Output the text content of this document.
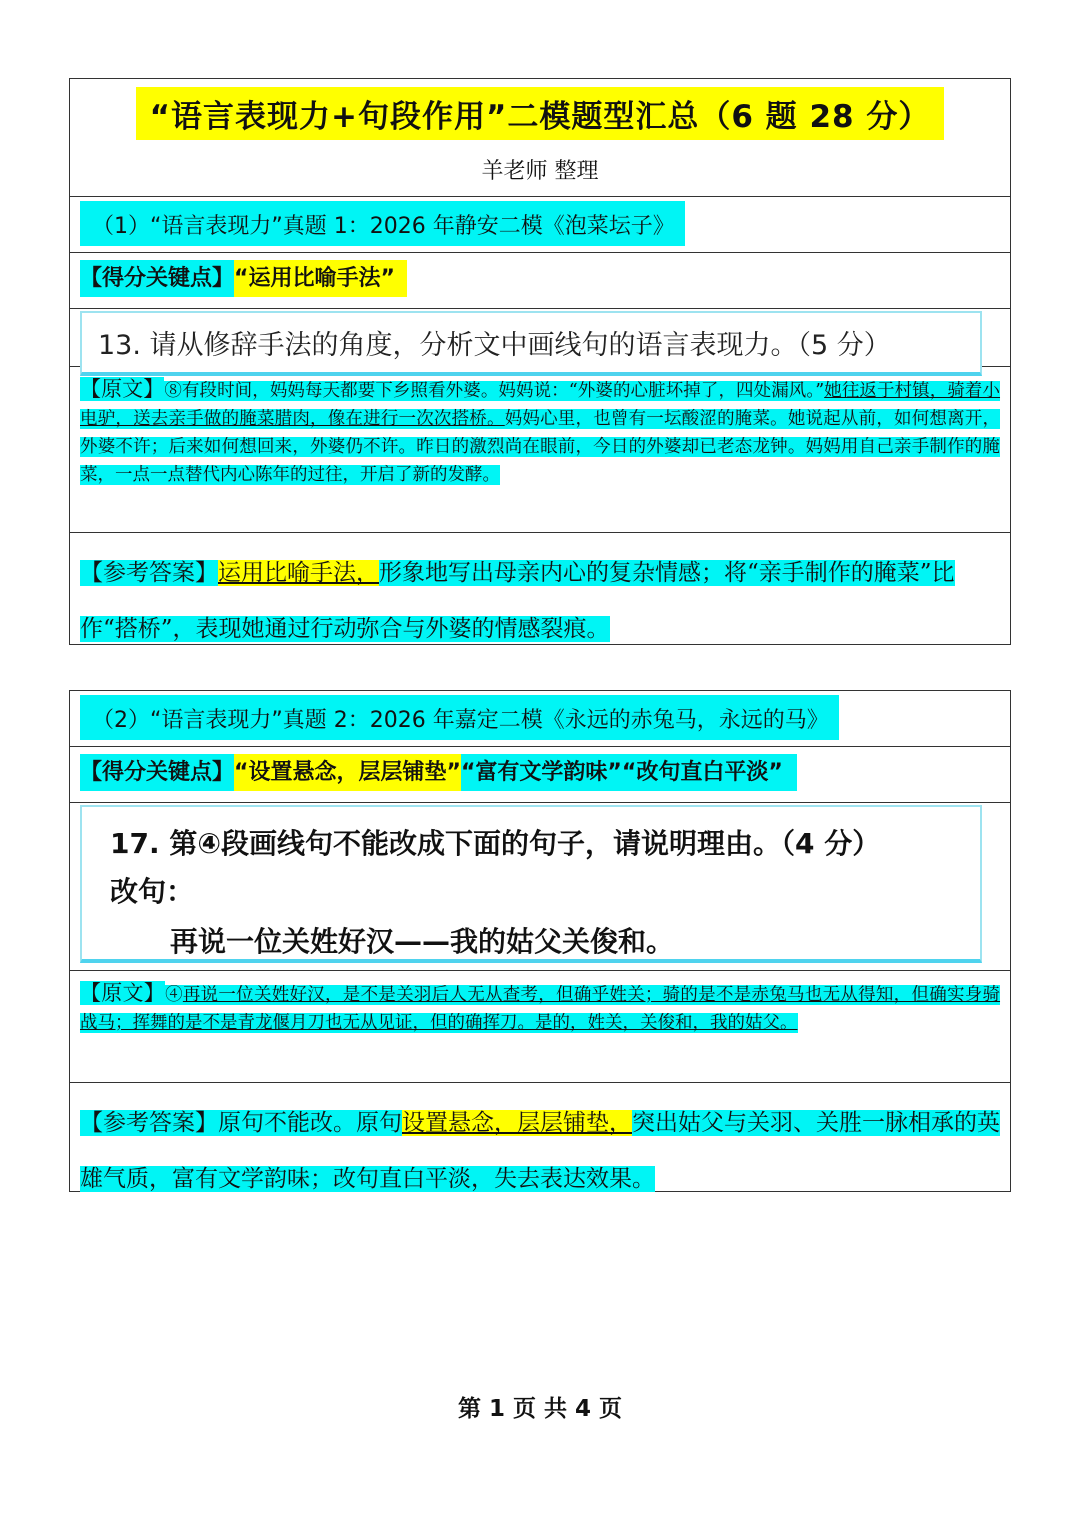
“语言表现力+句段作用”二模题型汇总（6 题 28 分）
羊老师 整理
（1）“语言表现力”真题 1：2026 年静安二模《泡菜坛子》
【得分关键点】“运用比喻手法”
13. 请从修辞手法的角度，分析文中画线句的语言表现力。（5 分）
【原文】⑧有段时间，妈妈每天都要下乡照看外婆。妈妈说：“外婆的心脏坏掉了，四处漏风。”她往返于村镇，骑着小电驴，送去亲手做的腌菜腊肉，像在进行一次次搭桥。妈妈心里，也曾有一坛酸涩的腌菜。她说起从前，如何想离开，外婆不许；后来如何想回来，外婆仍不许。昨日的激烈尚在眼前，今日的外婆却已老态龙钟。妈妈用自己亲手制作的腌菜，一点一点替代内心陈年的过往，开启了新的发酵。
【参考答案】运用比喻手法，形象地写出母亲内心的复杂情感；将“亲手制作的腌菜”比作“搭桥”，表现她通过行动弥合与外婆的情感裂痕。
（2）“语言表现力”真题 2：2026 年嘉定二模《永远的赤兔马，永远的马》
【得分关键点】“设置悬念，层层铺垫”“富有文学韵味”“改句直白平淡”
17. 第④段画线句不能改成下面的句子，请说明理由。（4 分）
改句：
再说一位关姓好汉——我的姑父关俊和。
【原文】④再说一位关姓好汉，是不是关羽后人无从查考，但确乎姓关；骑的是不是赤兔马也无从得知，但确实身骑战马；挥舞的是不是青龙偃月刀也无从见证，但的确挥刀。是的，姓关，关俊和，我的姑父。
【参考答案】原句不能改。原句设置悬念，层层铺垫，突出姑父与关羽、关胜一脉相承的英雄气质，富有文学韵味；改句直白平淡，失去表达效果。
第 1 页 共 4 页
